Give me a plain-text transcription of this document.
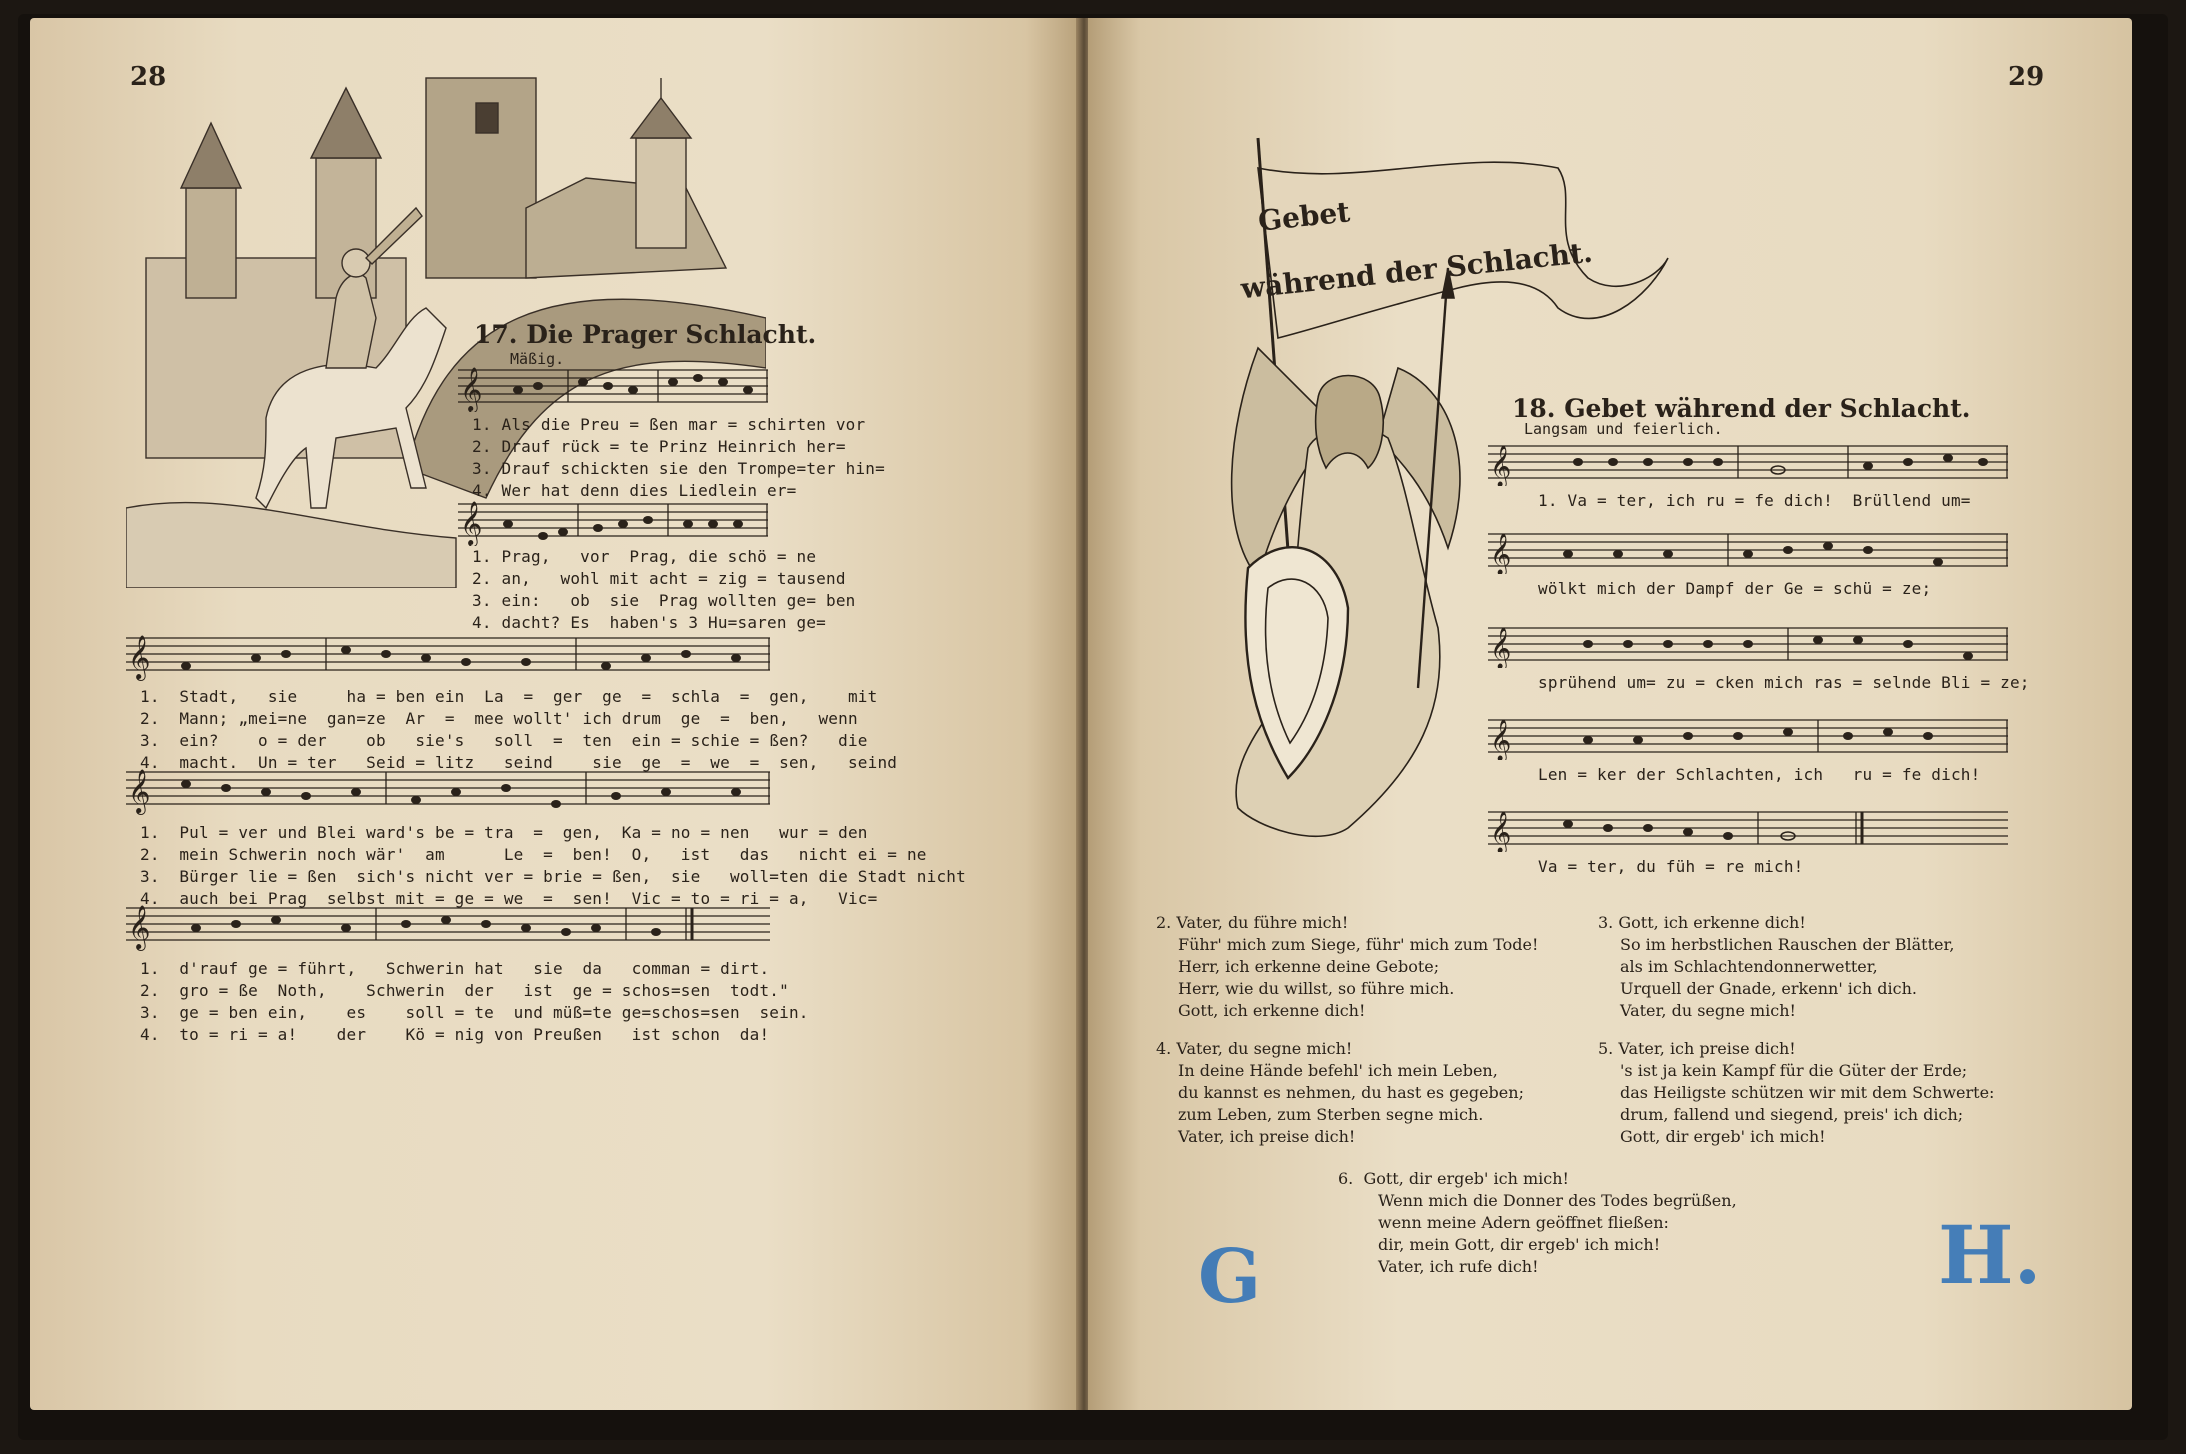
28
17. Die Prager Schlacht.
Mäßig.
𝄞
1. Als die Preu = ßen mar = schirten vor
2. Drauf rück = te Prinz Heinrich her=
3. Drauf schickten sie den Trompe=ter hin=
4. Wer hat denn dies Liedlein er=
𝄞
1. Prag,   vor  Prag, die schö = ne
2. an,   wohl mit acht = zig = tausend
3. ein:   ob  sie  Prag wollten ge= ben
4. dacht? Es  haben's 3 Hu=saren ge=
𝄞
1.  Stadt,   sie     ha = ben ein  La  =  ger  ge  =  schla  =  gen,    mit
2.  Mann; „mei=ne  gan=ze  Ar  =  mee wollt' ich drum  ge  =  ben,   wenn
3.  ein?    o = der    ob   sie's   soll  =  ten  ein = schie = ßen?   die
4.  macht.  Un = ter   Seid = litz   seind    sie  ge  =  we  =  sen,   seind
𝄞
1.  Pul = ver und Blei ward's be = tra  =  gen,  Ka = no = nen   wur = den
2.  mein Schwerin noch wär'  am      Le  =  ben!  O,   ist   das   nicht ei = ne
3.  Bürger lie = ßen  sich's nicht ver = brie = ßen,  sie   woll=ten die Stadt nicht
4.  auch bei Prag  selbst mit = ge = we  =  sen!  Vic = to = ri = a,   Vic=
𝄞
1.  d'rauf ge = führt,   Schwerin hat   sie  da   comman = dirt.
2.  gro = ße  Noth,    Schwerin  der   ist  ge = schos=sen  todt."
3.  ge = ben ein,    es    soll = te  und müß=te ge=schos=sen  sein.
4.  to = ri = a!    der    Kö = nig von Preußen   ist schon  da!
29
Gebet
während der Schlacht.
18. Gebet während der Schlacht.
Langsam und feierlich.
𝄞
1. Va = ter, ich ru = fe dich!  Brüllend um=
𝄞
wölkt mich der Dampf der Ge = schü = ze;
𝄞
sprühend um= zu = cken mich ras = selnde Bli = ze;
𝄞
Len = ker der Schlachten, ich   ru = fe dich!
𝄞
Va = ter, du füh = re mich!
2. Vater, du führe mich!
Führ' mich zum Siege, führ' mich zum Tode!
Herr, ich erkenne deine Gebote;
Herr, wie du willst, so führe mich.
Gott, ich erkenne dich!
3. Gott, ich erkenne dich!
So im herbstlichen Rauschen der Blätter,
als im Schlachtendonnerwetter,
Urquell der Gnade, erkenn' ich dich.
Vater, du segne mich!
4. Vater, du segne mich!
In deine Hände befehl' ich mein Leben,
du kannst es nehmen, du hast es gegeben;
zum Leben, zum Sterben segne mich.
Vater, ich preise dich!
5. Vater, ich preise dich!
's ist ja kein Kampf für die Güter der Erde;
das Heiligste schützen wir mit dem Schwerte:
drum, fallend und siegend, preis' ich dich;
Gott, dir ergeb' ich mich!
6.  Gott, dir ergeb' ich mich!
Wenn mich die Donner des Todes begrüßen,
wenn meine Adern geöffnet fließen:
dir, mein Gott, dir ergeb' ich mich!
Vater, ich rufe dich!
G	H.
